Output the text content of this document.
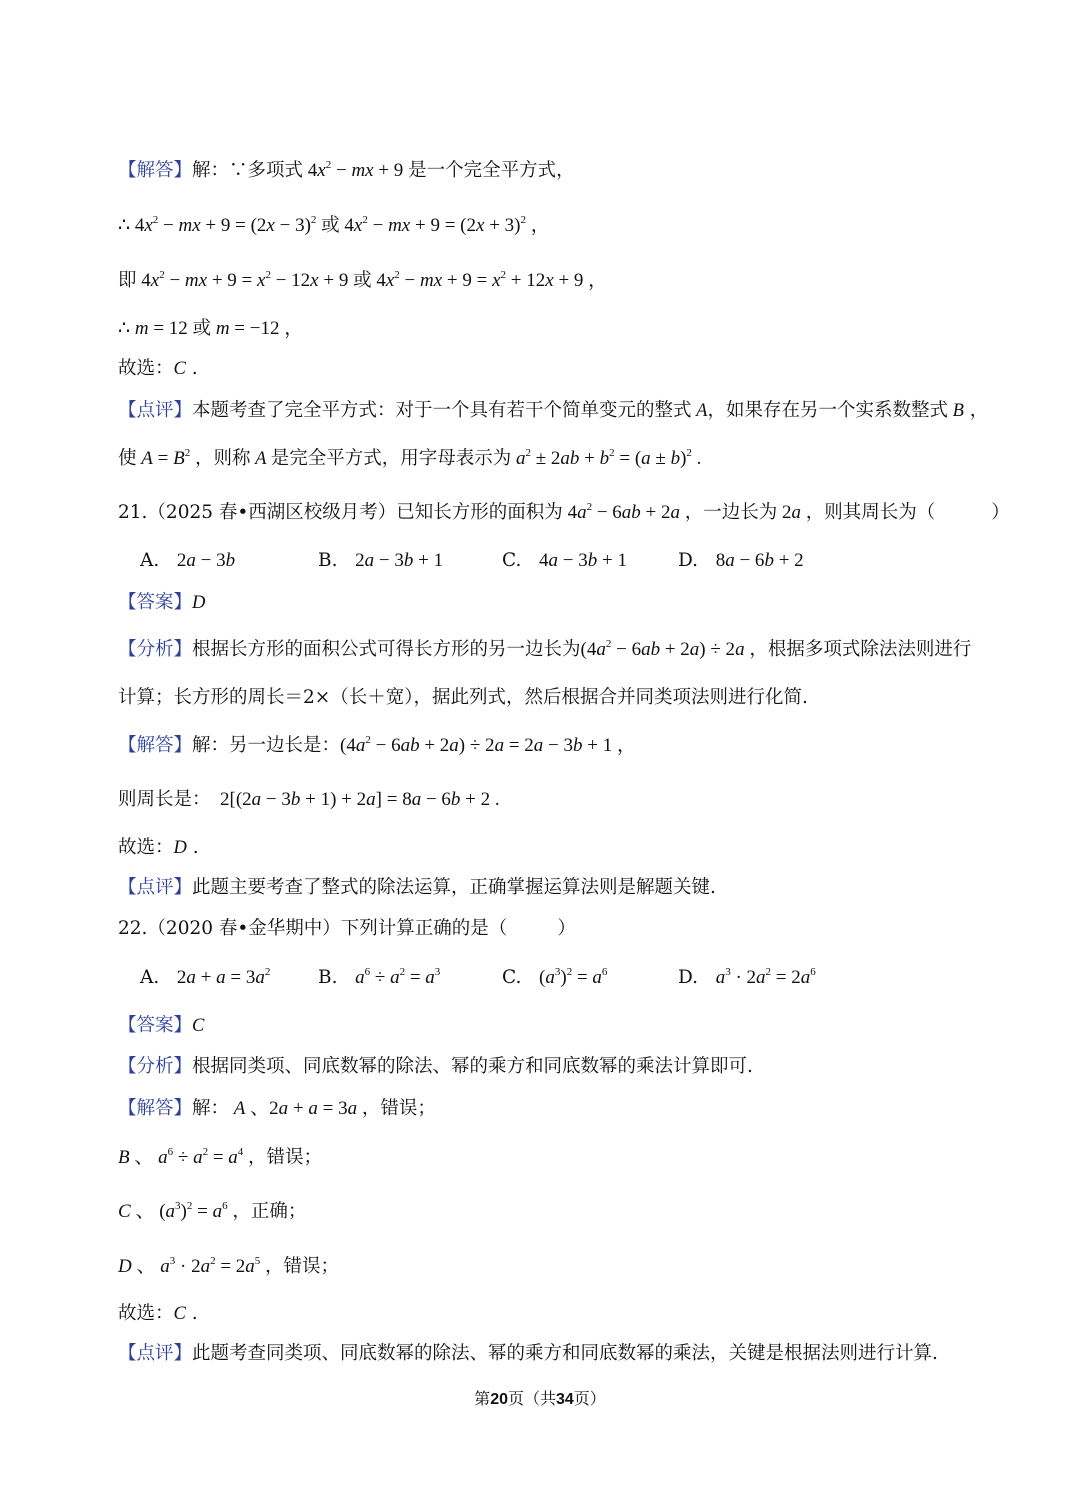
【解答】解：∵多项式 $4x^2$ − mx + 9 是一个完全平方式，
∴ $4x^2$ − mx + $9 = (2x - 3)^2$ 或 $4x^2$ − mx + $9 = (2x + 3)^2$ ，
即 $4x^2$ − mx + $9 = x^2 - 12x + 9$ 或 $4x^2$ − mx + $9 = x^2 + 12x + 9$ ，
∴ m = 12 或 m = −12 ，
故选：C .
【点评】本题考查了完全平方式：对于一个具有若干个简单变元的整式 A，如果存在另一个实系数整式 B ，
使 $A = B^2$ ，则称 A 是完全平方式，用字母表示为 $a^2 \pm 2ab + b^2 = (a \pm b)^2$ .
21.（2025 春•西湖区校级月考）已知长方形的面积为 $4a^2 - 6ab + 2a$ ，一边长为 2a ，则其周长为（	）
A. 2a − 3b	B. 2a − 3b + 1	C. 4a − 3b + 1	D. 8a − 6b + 2
【答案】D
【分析】根据长方形的面积公式可得长方形的另一边长为$(4a^2 - 6ab + 2a) \div 2a$ ，根据多项式除法法则进行
计算；长方形的周长＝2×（长＋宽），据此列式，然后根据合并同类项法则进行化简.
【解答】解：另一边长是：$(4a^2 - 6ab + 2a) \div 2a = 2a - 3b + 1$ ，
则周长是：  2[(2a − 3b + 1) + 2a] = 8a − 6b + 2 .
故选：D .
【点评】此题主要考查了整式的除法运算，正确掌握运算法则是解题关键.
22.（2020 春•金华期中）下列计算正确的是（	）
A. $2a + a = 3a^2$	B. $a^6 \div a^2 = a^3$	C. $(a^3)^2 = a^6$	D. $a^3 \cdot 2a^2 = 2a^6$
【答案】C
【分析】根据同类项、同底数幂的除法、幂的乘方和同底数幂的乘法计算即可.
【解答】解： A 、2a + a = 3a ，错误；
B 、 $a^6 \div a^2 = a^4$ ，错误；
C 、 $(a^3)^2 = a^6$ ，正确；
D 、 $a^3 \cdot 2a^2 = 2a^5$ ，错误；
故选：C .
【点评】此题考查同类项、同底数幂的除法、幂的乘方和同底数幂的乘法，关键是根据法则进行计算.
第20页（共34页）
